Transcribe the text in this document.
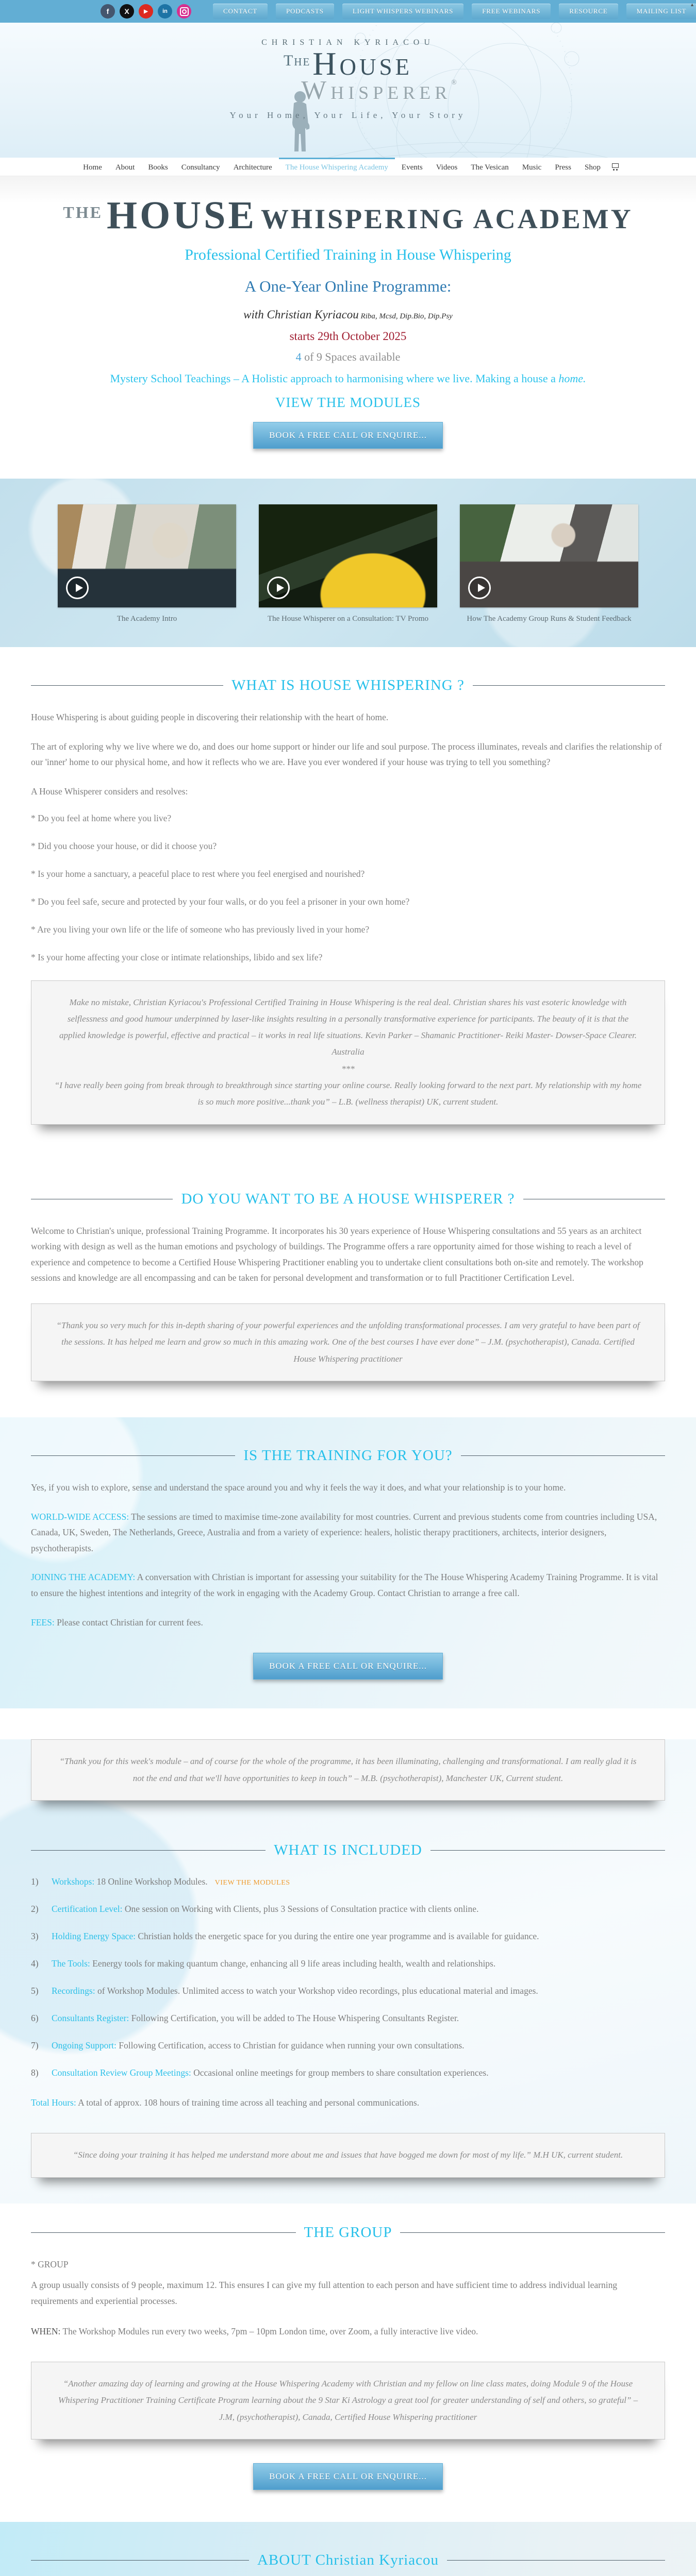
▲
f	X	▶	in	CONTACT	PODCASTS	LIGHT WHISPERS WEBINARS	FREE WEBINARS	RESOURCE	MAILING LIST
CHRISTIAN KYRIACOU
The House
Whisperer®
Your Home, Your Life, Your Story
Home	About	Books	Consultancy	Architecture	The House Whispering Academy	Events	Videos	The Vesican	Music	Press	Shop
THE HOUSE WHISPERING ACADEMY
Professional Certified Training in House Whispering
A One-Year Online Programme:
with Christian Kyriacou Riba, Mcsd, Dip.Bio, Dip.Psy
starts 29th October 2025
4 of 9 Spaces available
Mystery School Teachings – A Holistic approach to harmonising where we live. Making a house a home.
VIEW THE MODULES
BOOK A FREE CALL OR ENQUIRE...
The Academy Intro	The House Whisperer on a Consultation: TV Promo	How The Academy Group Runs & Student Feedback
WHAT IS HOUSE WHISPERING ?

House Whispering is about guiding people in discovering their relationship with the heart of home.

The art of exploring why we live where we do, and does our home support or hinder our life and soul purpose. The process illuminates, reveals and clarifies the relationship of our 'inner' home to our physical home, and how it reflects who we are. Have you ever wondered if your house was trying to tell you something?

A House Whisperer considers and resolves:

* Do you feel at home where you live?

* Did you choose your house, or did it choose you?

* Is your home a sanctuary, a peaceful place to rest where you feel energised and nourished?

* Do you feel safe, secure and protected by your four walls, or do you feel a prisoner in your own home?

* Are you living your own life or the life of someone who has previously lived in your home?

* Is your home affecting your close or intimate relationships, libido and sex life?

Make no mistake, Christian Kyriacou's Professional Certified Training in House Whispering is the real deal. Christian shares his vast esoteric knowledge with selflessness and good humour underpinned by laser-like insights resulting in a personally transformative experience for participants. The beauty of it is that the applied knowledge is powerful, effective and practical – it works in real life situations. Kevin Parker – Shamanic Practitioner- Reiki Master- Dowser-Space Clearer. Australia
***
“I have really been going from break through to breakthrough since starting your online course. Really looking forward to the next part. My relationship with my home is so much more positive...thank you” – L.B. (wellness therapist) UK, current student.
DO YOU WANT TO BE A HOUSE WHISPERER ?

Welcome to Christian's unique, professional Training Programme. It incorporates his 30 years experience of House Whispering consultations and 55 years as an architect working with design as well as the human emotions and psychology of buildings. The Programme offers a rare opportunity aimed for those wishing to reach a level of experience and competence to become a Certified House Whispering Practitioner enabling you to undertake client consultations both on-site and remotely. The workshop sessions and knowledge are all encompassing and can be taken for personal development and transformation or to full Practitioner Certification Level.

“Thank you so very much for this in-depth sharing of your powerful experiences and the unfolding transformational processes. I am very grateful to have been part of the sessions. It has helped me learn and grow so much in this amazing work. One of the best courses I have ever done” – J.M. (psychotherapist), Canada. Certified House Whispering practitioner
IS THE TRAINING FOR YOU?

Yes, if you wish to explore, sense and understand the space around you and why it feels the way it does, and what your relationship is to your home.

WORLD-WIDE ACCESS: The sessions are timed to maximise time-zone availability for most countries. Current and previous students come from countries including USA, Canada, UK, Sweden, The Netherlands, Greece, Australia and from a variety of experience: healers, holistic therapy practitioners, architects, interior designers, psychotherapists.

JOINING THE ACADEMY: A conversation with Christian is important for assessing your suitability for the The House Whispering Academy Training Programme. It is vital to ensure the highest intentions and integrity of the work in engaging with the Academy Group. Contact Christian to arrange a free call.

FEES: Please contact Christian for current fees.

BOOK A FREE CALL OR ENQUIRE...
“Thank you for this week's module – and of course for the whole of the programme, it has been illuminating, challenging and transformational. I am really glad it is not the end and that we'll have opportunities to keep in touch” – M.B. (psychotherapist), Manchester UK, Current student.
WHAT IS INCLUDED

1) Workshops: 18 Online Workshop Modules. VIEW THE MODULES

2) Certification Level: One session on Working with Clients, plus 3 Sessions of Consultation practice with clients online.

3) Holding Energy Space: Christian holds the energetic space for you during the entire one year programme and is available for guidance.

4) The Tools: Eenergy tools for making quantum change, enhancing all 9 life areas including health, wealth and relationships.

5) Recordings: of Workshop Modules. Unlimited access to watch your Workshop video recordings, plus educational material and images.

6) Consultants Register: Following Certification, you will be added to The House Whispering Consultants Register.

7) Ongoing Support: Following Certification, access to Christian for guidance when running your own consultations.

8) Consultation Review Group Meetings: Occasional online meetings for group members to share consultation experiences.

Total Hours: A total of approx. 108 hours of training time across all teaching and personal communications.

“Since doing your training it has helped me understand more about me and issues that have bogged me down for most of my life.” M.H UK, current student.
THE GROUP

* GROUP

A group usually consists of 9 people, maximum 12. This ensures I can give my full attention to each person and have sufficient time to address individual learning requirements and experiential processes.

WHEN: The Workshop Modules run every two weeks, 7pm – 10pm London time, over Zoom, a fully interactive live video.

“Another amazing day of learning and growing at the House Whispering Academy with Christian and my fellow on line class mates, doing Module 9 of the House Whispering Practitioner Training Certificate Program learning about the 9 Star Ki Astrology a great tool for greater understanding of self and others, so grateful” – J.M, (psychotherapist), Canada, Certified House Whispering practitioner
BOOK A FREE CALL OR ENQUIRE...
ABOUT Christian Kyriacou
